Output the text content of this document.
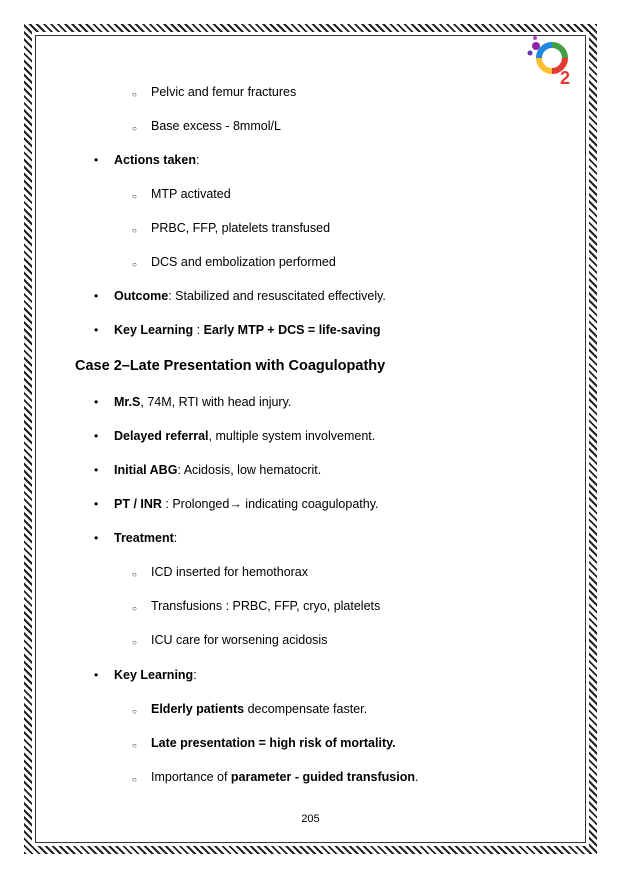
2
○ Pelvic and femur fractures
○ Base excess - 8mmol/L
• Actions taken:
○ MTP activated
○ PRBC, FFP, platelets transfused
○ DCS and embolization performed
• Outcome: Stabilized and resuscitated effectively.
• Key Learning : Early MTP + DCS = life-saving
Case 2–Late Presentation with Coagulopathy
• Mr.S, 74M, RTI with head injury.
• Delayed referral, multiple system involvement.
• Initial ABG: Acidosis, low hematocrit.
• PT / INR : Prolonged→ indicating coagulopathy.
• Treatment:
○ ICD inserted for hemothorax
○ Transfusions : PRBC, FFP, cryo, platelets
○ ICU care for worsening acidosis
• Key Learning:
○ Elderly patients decompensate faster.
○ Late presentation = high risk of mortality.
○ Importance of parameter - guided transfusion.
205
